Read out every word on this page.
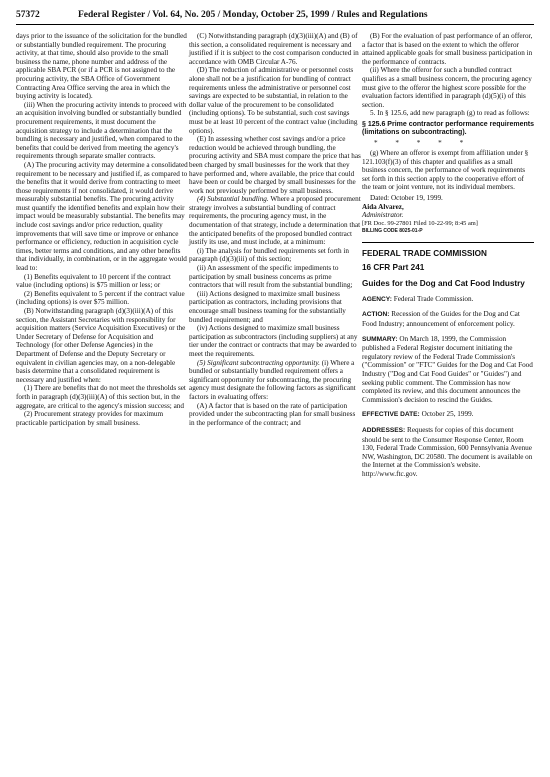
57372	Federal Register / Vol. 64, No. 205 / Monday, October 25, 1999 / Rules and Regulations

days prior to the issuance of the solicitation for the bundled or substantially bundled requirement. The procuring activity, at that time, should also provide to the small business the name, phone number and address of the applicable SBA PCR (or if a PCR is not assigned to the procuring activity, the SBA Office of Government Contracting Area Office serving the area in which the buying activity is located).

(iii) When the procuring activity intends to proceed with an acquisition involving bundled or substantially bundled procurement requirements, it must document the acquisition strategy to include a determination that the bundling is necessary and justified, when compared to the benefits that could be derived from meeting the agency's requirements through separate smaller contracts.

(A) The procuring activity may determine a consolidated requirement to be necessary and justified if, as compared to the benefits that it would derive from contracting to meet those requirements if not consolidated, it would derive measurably substantial benefits. The procuring activity must quantify the identified benefits and explain how their impact would be measurably substantial. The benefits may include cost savings and/or price reduction, quality improvements that will save time or improve or enhance performance or efficiency, reduction in acquisition cycle times, better terms and conditions, and any other benefits that individually, in combination, or in the aggregate would lead to:

(1) Benefits equivalent to 10 percent if the contract value (including options) is $75 million or less; or

(2) Benefits equivalent to 5 percent if the contract value (including options) is over $75 million.

(B) Notwithstanding paragraph (d)(3)(iii)(A) of this section, the Assistant Secretaries with responsibility for acquisition matters (Service Acquisition Executives) or the Under Secretary of Defense for Acquisition and Technology (for other Defense Agencies) in the Department of Defense and the Deputy Secretary or equivalent in civilian agencies may, on a non-delegable basis determine that a consolidated requirement is necessary and justified when:

(1) There are benefits that do not meet the thresholds set forth in paragraph (d)(3)(iii)(A) of this section but, in the aggregate, are critical to the agency's mission success; and

(2) Procurement strategy provides for maximum practicable participation by small business.

(C) Notwithstanding paragraph (d)(3)(iii)(A) and (B) of this section, a consolidated requirement is necessary and justified if it is subject to the cost comparison conducted in accordance with OMB Circular A-76.

(D) The reduction of administrative or personnel costs alone shall not be a justification for bundling of contract requirements unless the administrative or personnel cost savings are expected to be substantial, in relation to the dollar value of the procurement to be consolidated (including options). To be substantial, such cost savings must be at least 10 percent of the contract value (including options).

(E) In assessing whether cost savings and/or a price reduction would be achieved through bundling, the procuring activity and SBA must compare the price that has been charged by small businesses for the work that they have performed and, where available, the price that could have been or could be charged by small businesses for the work not previously performed by small business.

(4) Substantial bundling. Where a proposed procurement strategy involves a substantial bundling of contract requirements, the procuring agency must, in the documentation of that strategy, include a determination that the anticipated benefits of the proposed bundled contract justify its use, and must include, at a minimum:

(i) The analysis for bundled requirements set forth in paragraph (d)(3)(iii) of this section;

(ii) An assessment of the specific impediments to participation by small business concerns as prime contractors that will result from the substantial bundling;

(iii) Actions designed to maximize small business participation as contractors, including provisions that encourage small business teaming for the substantially bundled requirement; and

(iv) Actions designed to maximize small business participation as subcontractors (including suppliers) at any tier under the contract or contracts that may be awarded to meet the requirements.

(5) Significant subcontracting opportunity. (i) Where a bundled or substantially bundled requirement offers a significant opportunity for subcontracting, the procuring agency must designate the following factors as significant factors in evaluating offers:

(A) A factor that is based on the rate of participation provided under the subcontracting plan for small business in the performance of the contract; and

(B) For the evaluation of past performance of an offeror, a factor that is based on the extent to which the offeror attained applicable goals for small business participation in the performance of contracts.

(ii) Where the offeror for such a bundled contract qualifies as a small business concern, the procuring agency must give to the offeror the highest score possible for the evaluation factors identified in paragraph (d)(5)(i) of this section.

5. In § 125.6, add new paragraph (g) to read as follows:

§ 125.6 Prime contractor performance requirements (limitations on subcontracting).
* * * * *

(g) Where an offeror is exempt from affiliation under § 121.103(f)(3) of this chapter and qualifies as a small business concern, the performance of work requirements set forth in this section apply to the cooperative effort of the team or joint venture, not its individual members.

Dated: October 19, 1999.

Aida Alvarez,
Administrator.
[FR Doc. 99-27801 Filed 10-22-99; 8:45 am]
BILLING CODE 8025-01-P
FEDERAL TRADE COMMISSION
16 CFR Part 241
Guides for the Dog and Cat Food Industry

AGENCY: Federal Trade Commission.

ACTION: Recession of the Guides for the Dog and Cat Food Industry; announcement of enforcement policy.

SUMMARY: On March 18, 1999, the Commission published a Federal Register document initiating the regulatory review of the Federal Trade Commission's ("Commission" or "FTC" Guides for the Dog and Cat Food Industry ("Dog and Cat Food Guides" or "Guides") and seeking public comment. The Commission has now completed its review, and this document announces the Commission's decision to rescind the Guides.

EFFECTIVE DATE: October 25, 1999.

ADDRESSES: Requests for copies of this document should be sent to the Consumer Response Center, Room 130, Federal Trade Commission, 600 Pennsylvania Avenue NW, Washington, DC 20580. The document is available on the Internet at the Commission's website. http://www.ftc.gov.
